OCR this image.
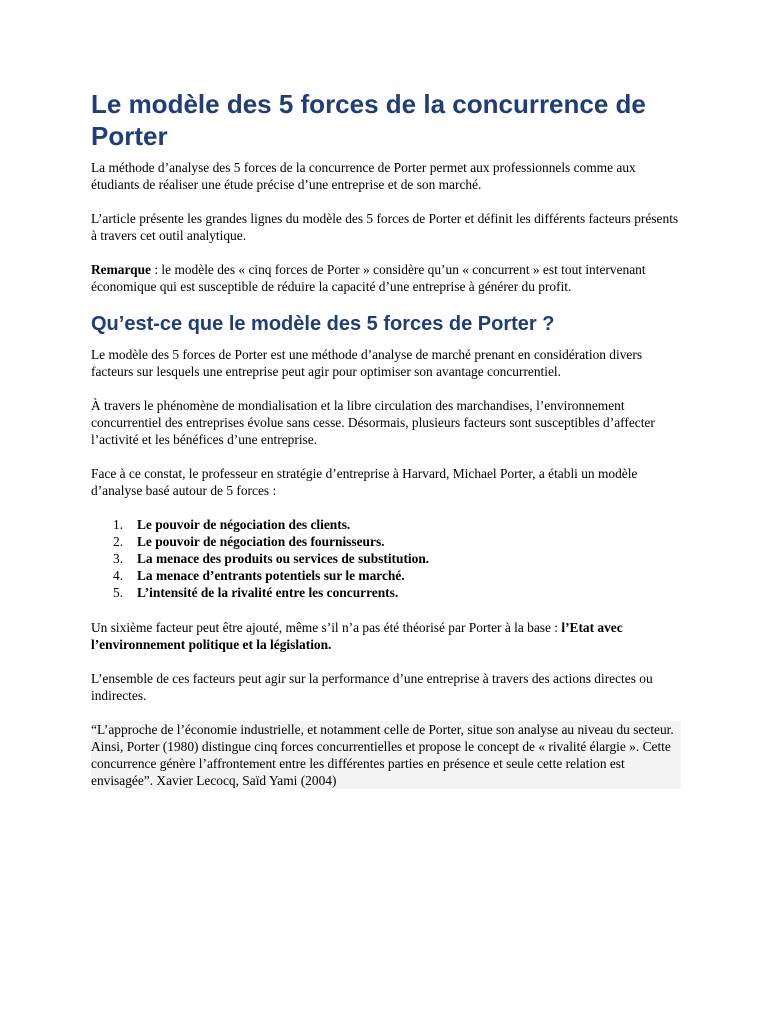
Le modèle des 5 forces de la concurrence de Porter

La méthode d’analyse des 5 forces de la concurrence de Porter permet aux professionnels comme aux étudiants de réaliser une étude précise d’une entreprise et de son marché.

L’article présente les grandes lignes du modèle des 5 forces de Porter et définit les différents facteurs présents à travers cet outil analytique.

Remarque : le modèle des « cinq forces de Porter » considère qu’un « concurrent » est tout intervenant économique qui est susceptible de réduire la capacité d’une entreprise à générer du profit.

Qu’est-ce que le modèle des 5 forces de Porter ?

Le modèle des 5 forces de Porter est une méthode d’analyse de marché prenant en considération divers facteurs sur lesquels une entreprise peut agir pour optimiser son avantage concurrentiel.

À travers le phénomène de mondialisation et la libre circulation des marchandises, l’environnement concurrentiel des entreprises évolue sans cesse. Désormais, plusieurs facteurs sont susceptibles d’affecter l’activité et les bénéfices d’une entreprise.

Face à ce constat, le professeur en stratégie d’entreprise à Harvard, Michael Porter, a établi un modèle d’analyse basé autour de 5 forces :

1. Le pouvoir de négociation des clients.
2. Le pouvoir de négociation des fournisseurs.
3. La menace des produits ou services de substitution.
4. La menace d’entrants potentiels sur le marché.
5. L’intensité de la rivalité entre les concurrents.

Un sixième facteur peut être ajouté, même s’il n’a pas été théorisé par Porter à la base : l’Etat avec l’environnement politique et la législation.

L’ensemble de ces facteurs peut agir sur la performance d’une entreprise à travers des actions directes ou indirectes.

“L’approche de l’économie industrielle, et notamment celle de Porter, situe son analyse au niveau du secteur. Ainsi, Porter (1980) distingue cinq forces concurrentielles et propose le concept de « rivalité élargie ». Cette concurrence génère l’affrontement entre les différentes parties en présence et seule cette relation est envisagée”. Xavier Lecocq, Saïd Yami (2004)
